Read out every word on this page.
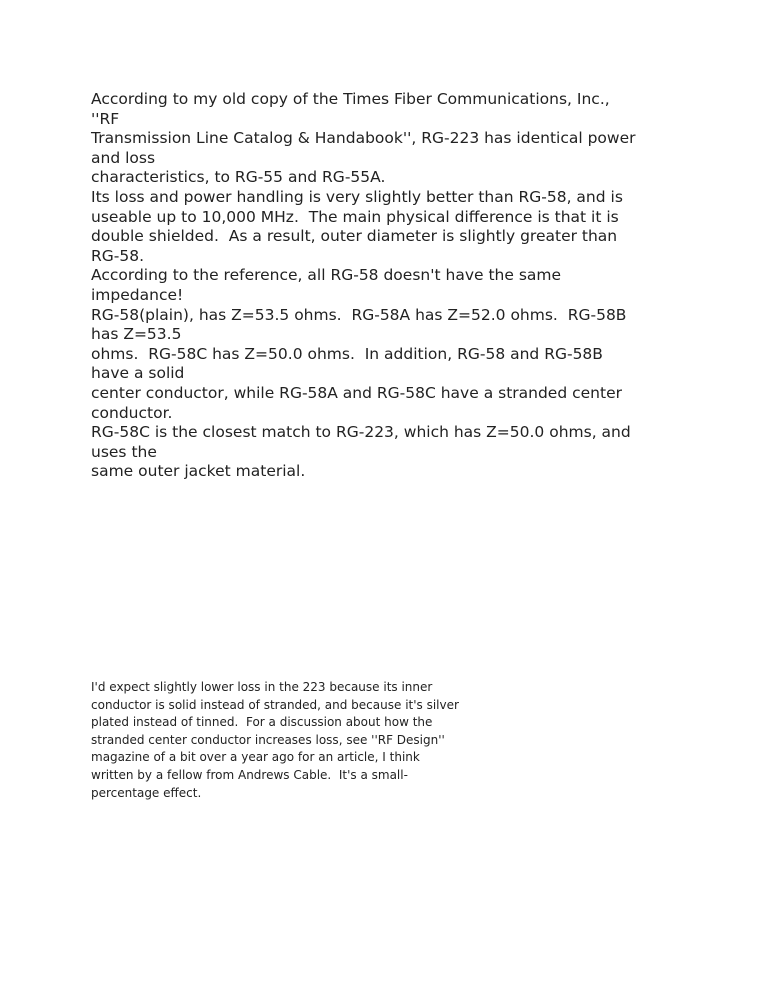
According to my old copy of the Times Fiber Communications, Inc.,
''RF
Transmission Line Catalog & Handabook'', RG-223 has identical power
and loss
characteristics, to RG-55 and RG-55A.
Its loss and power handling is very slightly better than RG-58, and is
useable up to 10,000 MHz.  The main physical difference is that it is
double shielded.  As a result, outer diameter is slightly greater than
RG-58.
According to the reference, all RG-58 doesn't have the same
impedance!
RG-58(plain), has Z=53.5 ohms.  RG-58A has Z=52.0 ohms.  RG-58B
has Z=53.5
ohms.  RG-58C has Z=50.0 ohms.  In addition, RG-58 and RG-58B
have a solid
center conductor, while RG-58A and RG-58C have a stranded center
conductor.
RG-58C is the closest match to RG-223, which has Z=50.0 ohms, and
uses the
same outer jacket material.
I'd expect slightly lower loss in the 223 because its inner
conductor is solid instead of stranded, and because it's silver
plated instead of tinned.  For a discussion about how the
stranded center conductor increases loss, see ''RF Design''
magazine of a bit over a year ago for an article, I think
written by a fellow from Andrews Cable.  It's a small-
percentage effect.
